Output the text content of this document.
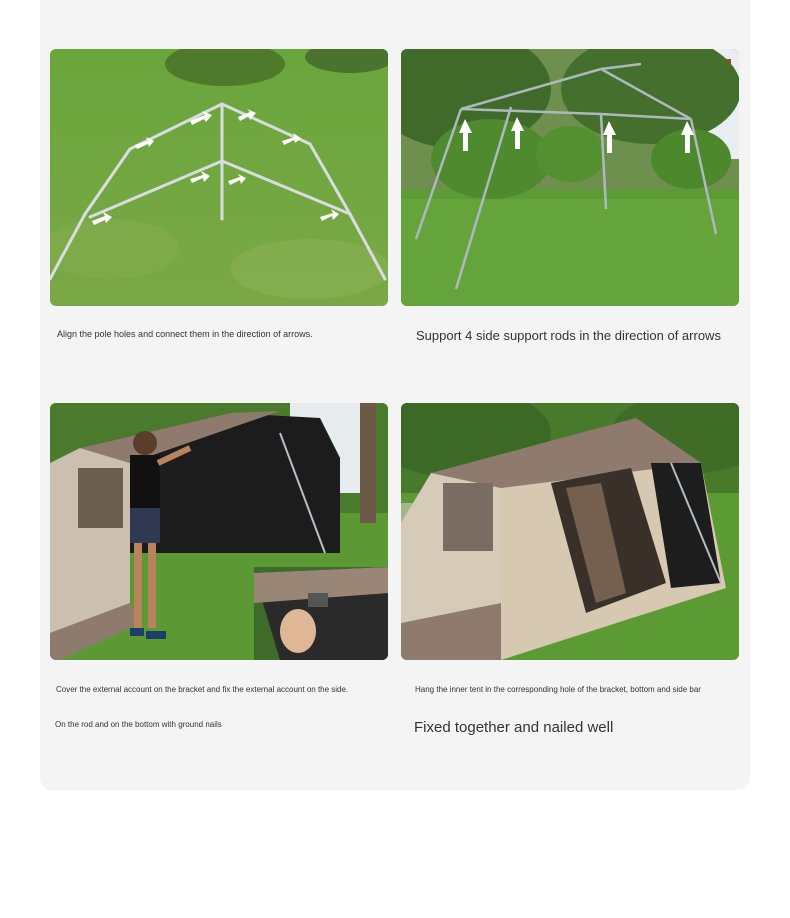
Align the pole holes and connect them in the direction of arrows.	Support 4 side support rods in the direction of arrows
Cover the external account on the bracket and fix the external account on the side.	Hang the inner tent in the corresponding hole of the bracket, bottom and side bar
On the rod and on the bottom with ground nails	Fixed together and nailed well
